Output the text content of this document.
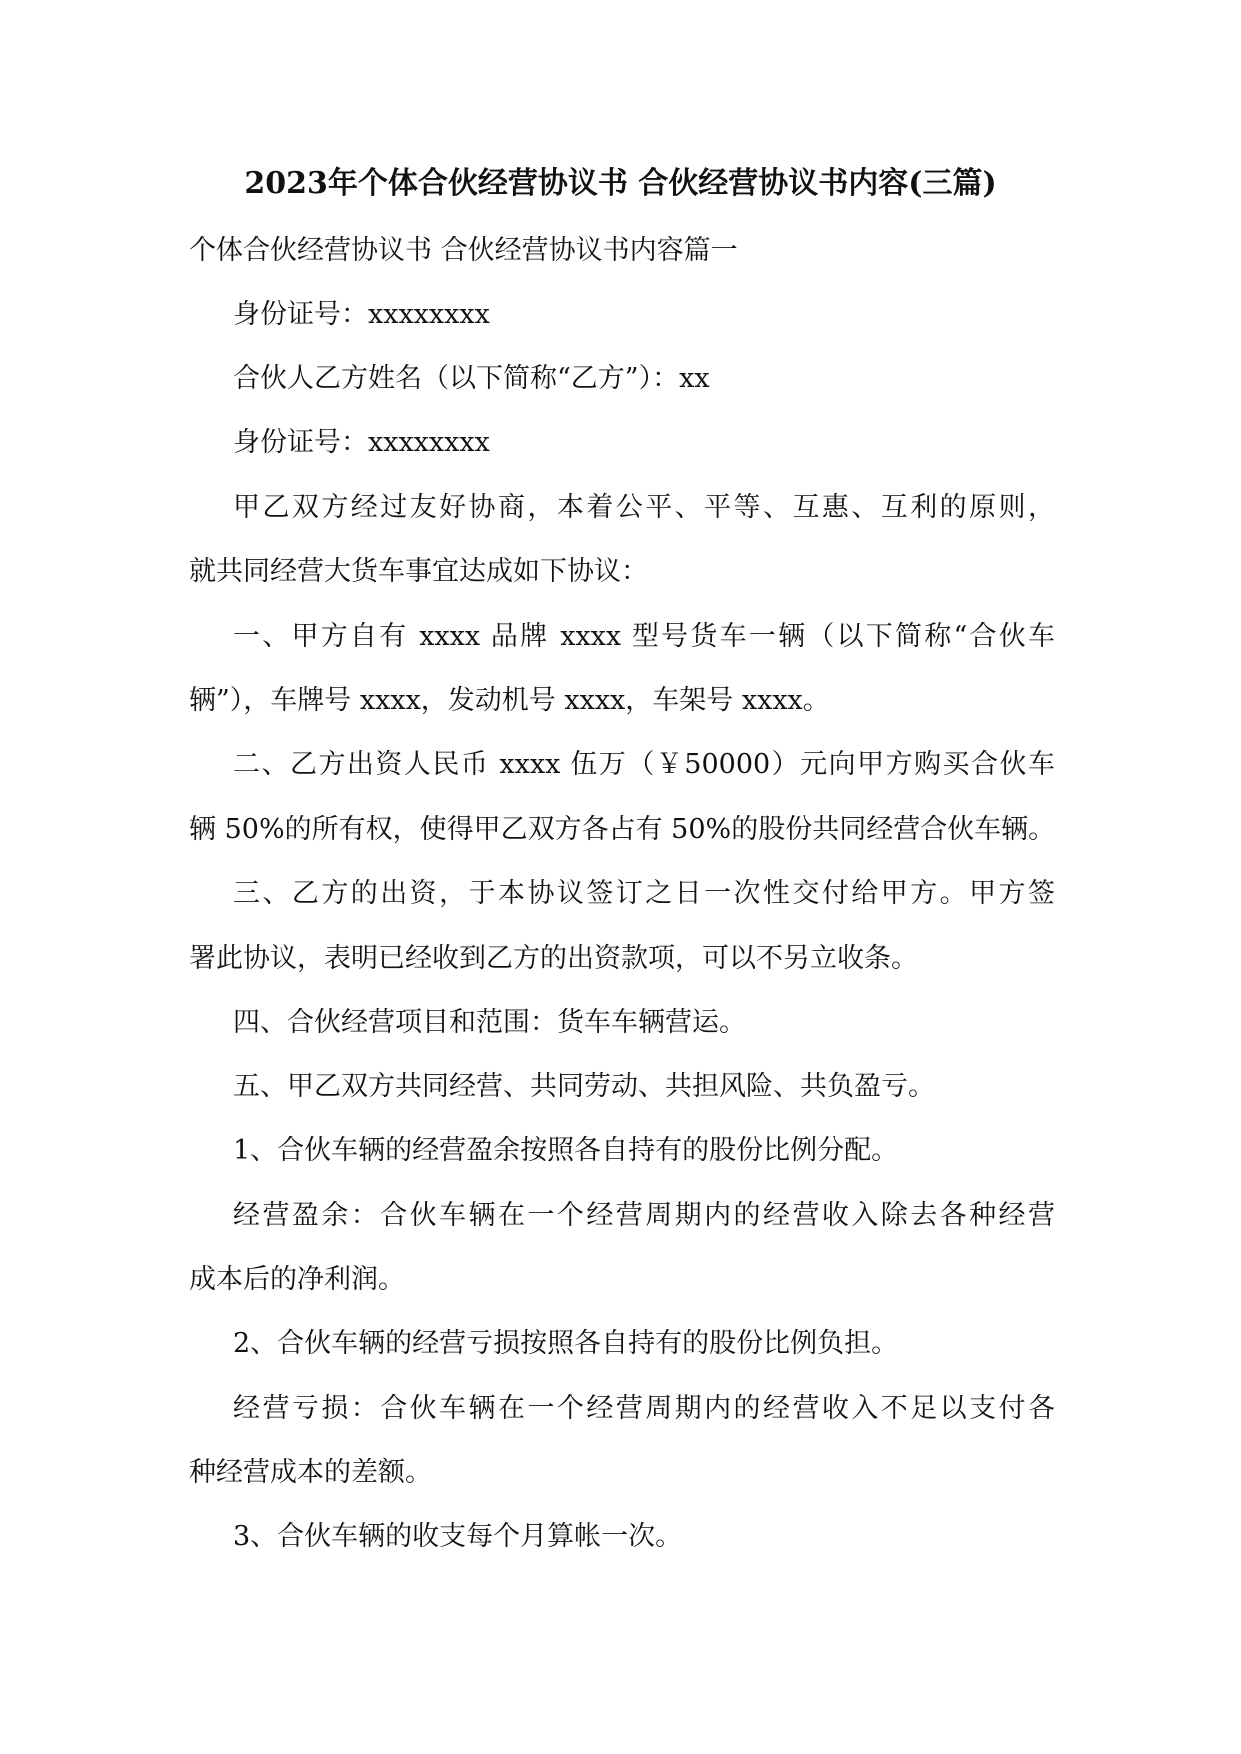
2023年个体合伙经营协议书 合伙经营协议书内容(三篇)

个体合伙经营协议书 合伙经营协议书内容篇一

身份证号：xxxxxxxx

合伙人乙方姓名（以下简称“乙方”）：xx

身份证号：xxxxxxxx

甲乙双方经过友好协商，本着公平、平等、互惠、互利的原则，

就共同经营大货车事宜达成如下协议：

一、甲方自有 xxxx 品牌 xxxx 型号货车一辆（以下简称“合伙车

辆”），车牌号 xxxx，发动机号 xxxx，车架号 xxxx。

二、乙方出资人民币 xxxx 伍万（￥50000）元向甲方购买合伙车

辆 50%的所有权，使得甲乙双方各占有 50%的股份共同经营合伙车辆。

三、乙方的出资，于本协议签订之日一次性交付给甲方。甲方签

署此协议，表明已经收到乙方的出资款项，可以不另立收条。

四、合伙经营项目和范围：货车车辆营运。

五、甲乙双方共同经营、共同劳动、共担风险、共负盈亏。

1、合伙车辆的经营盈余按照各自持有的股份比例分配。

经营盈余：合伙车辆在一个经营周期内的经营收入除去各种经营

成本后的净利润。

2、合伙车辆的经营亏损按照各自持有的股份比例负担。

经营亏损：合伙车辆在一个经营周期内的经营收入不足以支付各

种经营成本的差额。

3、合伙车辆的收支每个月算帐一次。
